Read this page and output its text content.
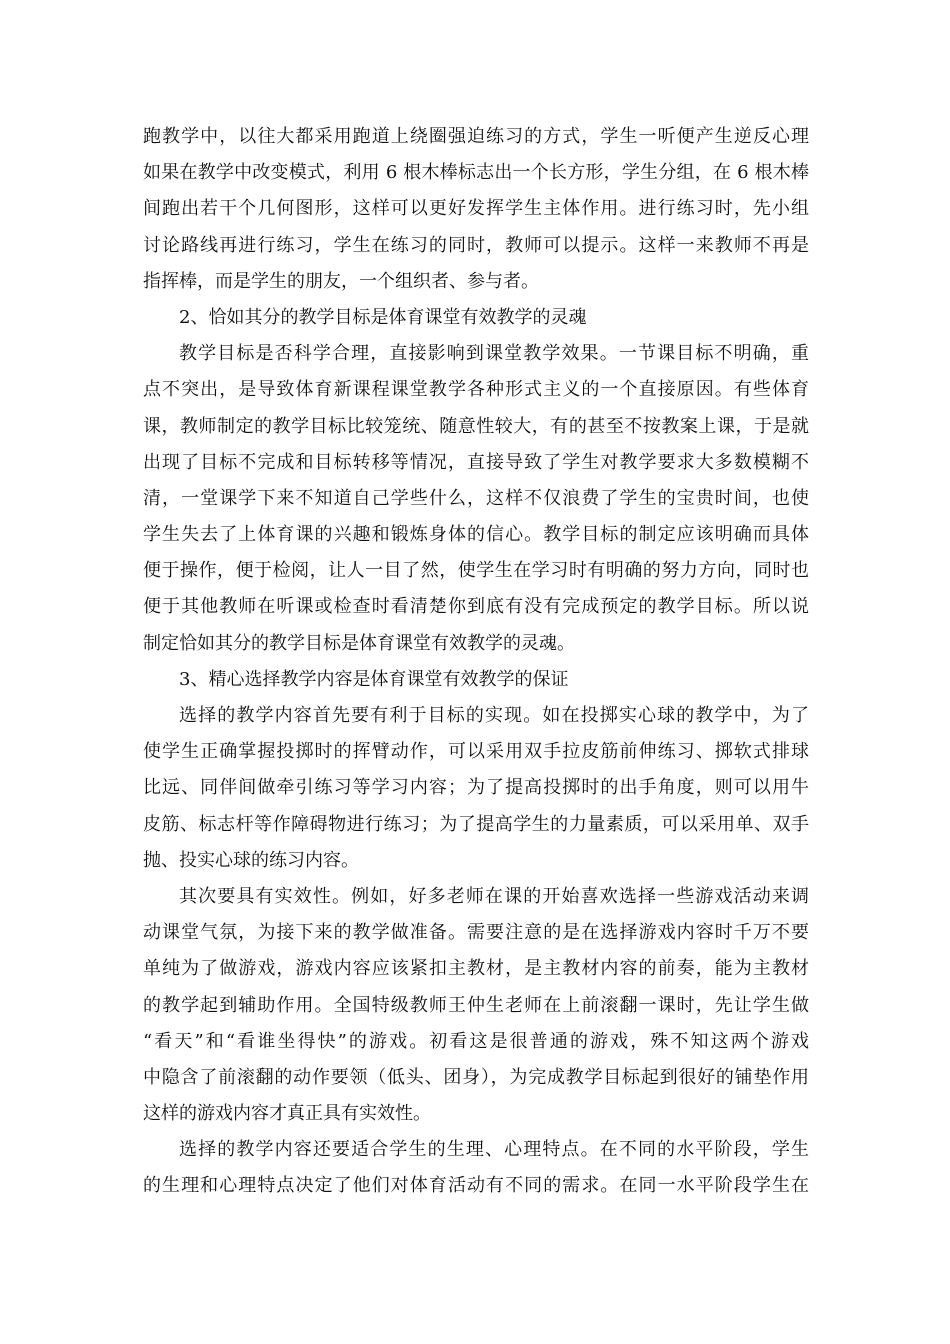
跑教学中，以往大都采用跑道上绕圈强迫练习的方式，学生一听便产生逆反心理
如果在教学中改变模式，利用 6 根木棒标志出一个长方形，学生分组，在 6 根木棒
间跑出若干个几何图形，这样可以更好发挥学生主体作用。进行练习时，先小组
讨论路线再进行练习，学生在练习的同时，教师可以提示。这样一来教师不再是
指挥棒，而是学生的朋友，一个组织者、参与者。
2、恰如其分的教学目标是体育课堂有效教学的灵魂
教学目标是否科学合理，直接影响到课堂教学效果。一节课目标不明确，重
点不突出，是导致体育新课程课堂教学各种形式主义的一个直接原因。有些体育
课，教师制定的教学目标比较笼统、随意性较大，有的甚至不按教案上课，于是就
出现了目标不完成和目标转移等情况，直接导致了学生对教学要求大多数模糊不
清，一堂课学下来不知道自己学些什么，这样不仅浪费了学生的宝贵时间，也使
学生失去了上体育课的兴趣和锻炼身体的信心。教学目标的制定应该明确而具体
便于操作，便于检阅，让人一目了然，使学生在学习时有明确的努力方向，同时也
便于其他教师在听课或检查时看清楚你到底有没有完成预定的教学目标。所以说
制定恰如其分的教学目标是体育课堂有效教学的灵魂。
3、精心选择教学内容是体育课堂有效教学的保证
选择的教学内容首先要有利于目标的实现。如在投掷实心球的教学中，为了
使学生正确掌握投掷时的挥臂动作，可以采用双手拉皮筋前伸练习、掷软式排球
比远、同伴间做牵引练习等学习内容；为了提高投掷时的出手角度，则可以用牛
皮筋、标志杆等作障碍物进行练习；为了提高学生的力量素质，可以采用单、双手
抛、投实心球的练习内容。
其次要具有实效性。例如，好多老师在课的开始喜欢选择一些游戏活动来调
动课堂气氛，为接下来的教学做准备。需要注意的是在选择游戏内容时千万不要
单纯为了做游戏，游戏内容应该紧扣主教材，是主教材内容的前奏，能为主教材
的教学起到辅助作用。全国特级教师王仲生老师在上前滚翻一课时，先让学生做
“看天”和“看谁坐得快”的游戏。初看这是很普通的游戏，殊不知这两个游戏
中隐含了前滚翻的动作要领（低头、团身），为完成教学目标起到很好的铺垫作用
这样的游戏内容才真正具有实效性。
选择的教学内容还要适合学生的生理、心理特点。在不同的水平阶段，学生
的生理和心理特点决定了他们对体育活动有不同的需求。在同一水平阶段学生在
